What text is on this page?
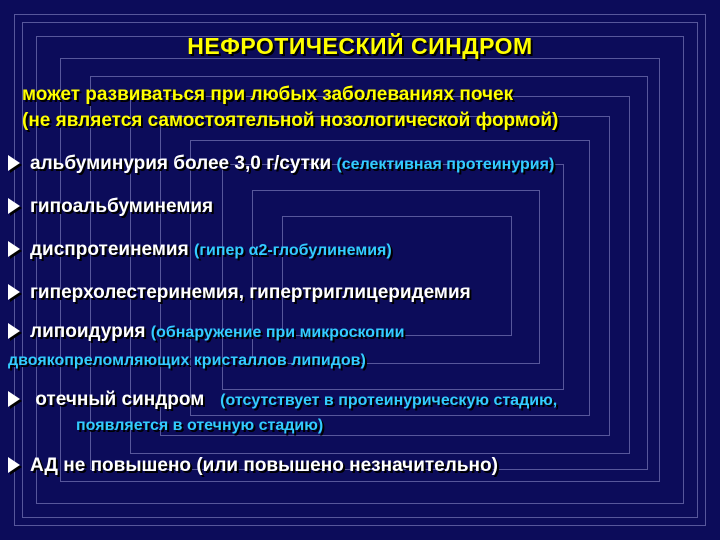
НЕФРОТИЧЕСКИЙ СИНДРОМ
может развиваться при любых заболеваниях почек
(не является самостоятельной нозологической формой)
альбуминурия более 3,0 г/сутки (селективная протеинурия)
гипоальбуминемия
диспротеинемия (гипер α2-глобулинемия)
гиперхолестеринемия, гипертриглицеридемия
липоидурия (обнаружение при микроскопии
двоякопреломляющих кристаллов липидов)
отечный синдром (отсутствует в протеинурическую стадию,
появляется в отечную стадию)
АД не повышено (или повышено незначительно)
